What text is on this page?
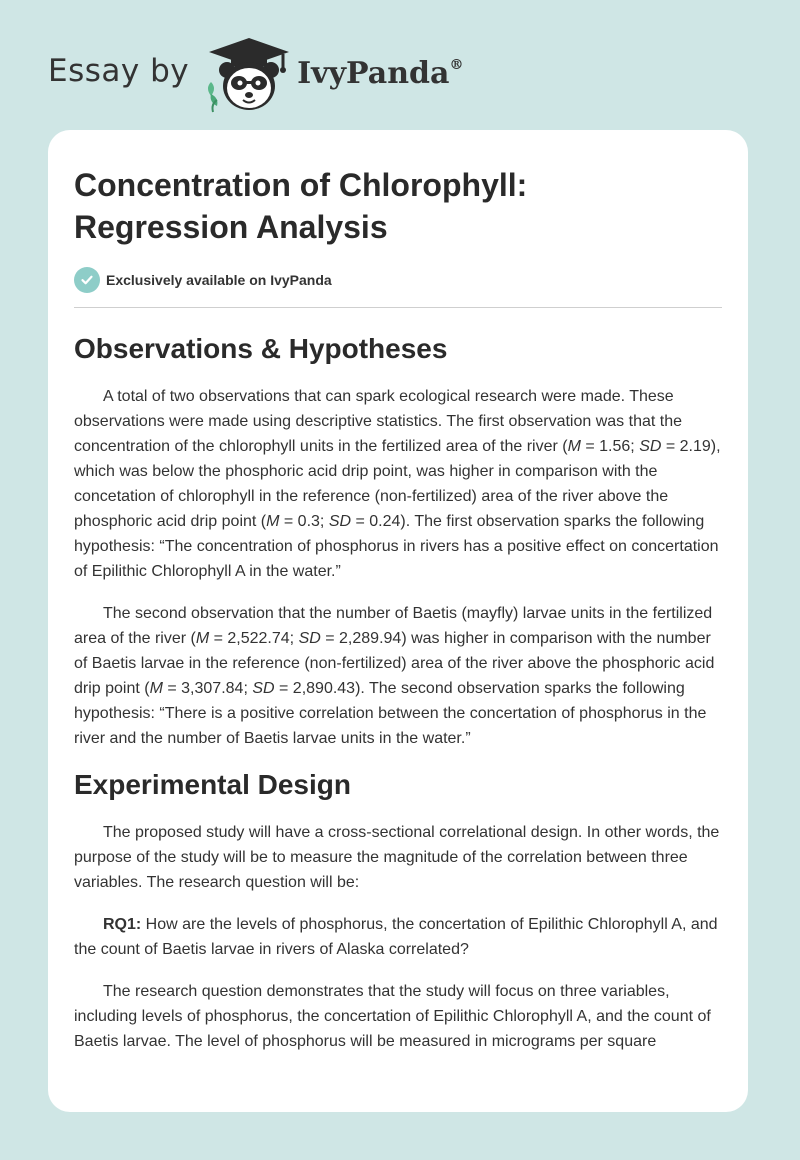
Essay by	IvyPanda®
Concentration of Chlorophyll:
Regression Analysis
Exclusively available on IvyPanda
Observations & Hypotheses

A total of two observations that can spark ecological research were made. These observations were made using descriptive statistics. The first observation was that the concentration of the chlorophyll units in the fertilized area of the river (M = 1.56; SD = 2.19), which was below the phosphoric acid drip point, was higher in comparison with the concetation of chlorophyll in the reference (non-fertilized) area of the river above the phosphoric acid drip point (M = 0.3; SD = 0.24). The first observation sparks the following hypothesis: “The concentration of phosphorus in rivers has a positive effect on concertation of Epilithic Chlorophyll A in the water.”

The second observation that the number of Baetis (mayfly) larvae units in the fertilized area of the river (M = 2,522.74; SD = 2,289.94) was higher in comparison with the number of Baetis larvae in the reference (non-fertilized) area of the river above the phosphoric acid drip point (M = 3,307.84; SD = 2,890.43). The second observation sparks the following hypothesis: “There is a positive correlation between the concertation of phosphorus in the river and the number of Baetis larvae units in the water.”

Experimental Design

The proposed study will have a cross-sectional correlational design. In other words, the purpose of the study will be to measure the magnitude of the correlation between three variables. The research question will be:

RQ1: How are the levels of phosphorus, the concertation of Epilithic Chlorophyll A, and the count of Baetis larvae in rivers of Alaska correlated?

The research question demonstrates that the study will focus on three variables, including levels of phosphorus, the concertation of Epilithic Chlorophyll A, and the count of Baetis larvae. The level of phosphorus will be measured in micrograms per square
